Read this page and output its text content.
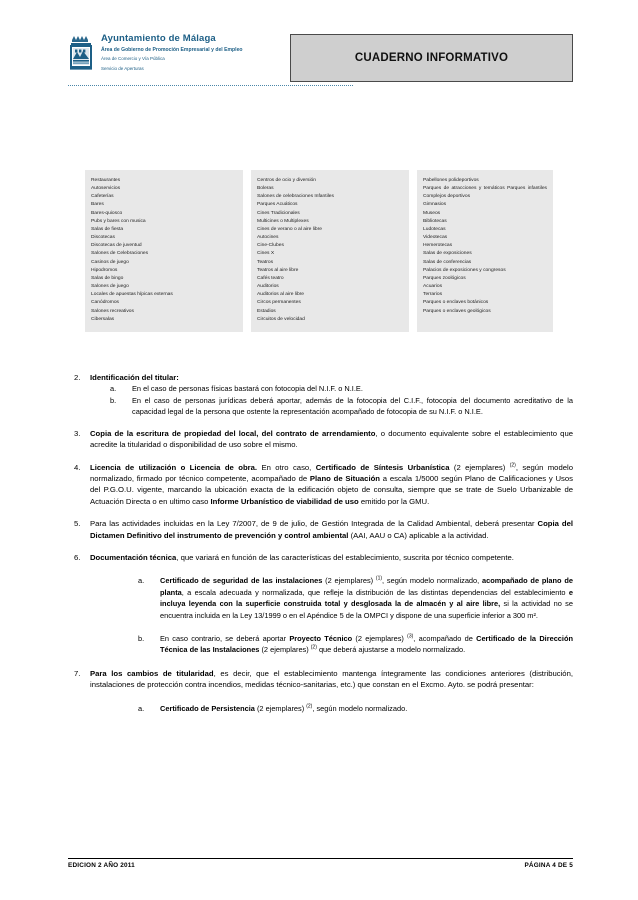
Ayuntamiento de Málaga
Área de Gobierno de Promoción Empresarial y del Empleo
Área de Comercio y Vía Pública
Servicio de Aperturas
CUADERNO INFORMATIVO
Restaurantes
Autoservicios
Cafeterías
Bares
Bares-quiosco
Pubs y bares con musica
Salas de fiesta
Discotecas
Discotecas de juventud
Salones de Celebraciones
Casinos de juego
Hipodromos
Salas de bingo
Salones de juego
Locales de apuestas hípicas externas
Canódromos
Salones recreativos
Cibersalas
Centros de ocio y diversión
Boleras
Salones de celebraciones Infantiles
Parques Acuáticos
Cines Tradicionales
Multicines o Multiplexes
Cines de verano o al aire libre
Autocines
Cine-Clubes
Cines X
Teatros
Teatros al aire libre
Cafés teatro
Auditorios
Auditorios al aire libre
Circos permanentes
Estadios
Circuitos de velocidad
Pabellones polideportivos
Parques de atracciones y temáticos Parques infantiles
Complejos deportivos
Gimnasios
Museos
Bibliotecas
Ludotecas
Videotecas
Hemerotecas
Salas de exposiciones
Salas de conferencias
Palacios de exposiciones y congresos
Parques zoológicos
Acuarios
Terrarios
Parques o enclaves botánicos
Parques o enclaves geológicos
2.	Identificación del titular:
a.	En el caso de personas físicas bastará con fotocopia del N.I.F. o N.I.E.
b.	En el caso de personas jurídicas deberá aportar, además de la fotocopia del C.I.F., fotocopia del documento acreditativo de la capacidad legal de la persona que ostente la representación acompañado de fotocopia de su N.I.F. o N.I.E.
3.	Copia de la escritura de propiedad del local, del contrato de arrendamiento, o documento equivalente sobre el establecimiento que acredite la titularidad o disponibilidad de uso sobre el mismo.
4.	Licencia de utilización o Licencia de obra. En otro caso, Certificado de Síntesis Urbanística (2 ejemplares) $^{(2)}$, según modelo normalizado, firmado por técnico competente, acompañado de Plano de Situación a escala 1/5000 según Plano de Calificaciones y Usos del P.G.O.U. vigente, marcando la ubicación exacta de la edificación objeto de consulta, siempre que se trate de Suelo Urbanizable de Actuación Directa o en ultimo caso Informe Urbanístico de viabilidad de uso emitido por la GMU.
5.	Para las actividades incluidas en la Ley 7/2007, de 9 de julio, de Gestión Integrada de la Calidad Ambiental, deberá presentar Copia del Dictamen Definitivo del instrumento de prevención y control ambiental (AAI, AAU o CA) aplicable a la actividad.
6.	Documentación técnica, que variará en función de las características del establecimiento, suscrita por técnico competente.
a.	Certificado de seguridad de las instalaciones (2 ejemplares) $^{(1)}$, según modelo normalizado, acompañado de plano de planta, a escala adecuada y normalizada, que refleje la distribución de las distintas dependencias del establecimiento e incluya leyenda con la superficie construida total y desglosada la de almacén y al aire libre, si la actividad no se encuentra incluida en la Ley 13/1999 o en el Apéndice 5 de la OMPCI y dispone de una superficie inferior a 300 m².
b.	En caso contrario, se deberá aportar Proyecto Técnico (2 ejemplares) $^{(3)}$, acompañado de Certificado de la Dirección Técnica de las Instalaciones (2 ejemplares) $^{(2)}$ que deberá ajustarse a modelo normalizado.
7.	Para los cambios de titularidad, es decir, que el establecimiento mantenga íntegramente las condiciones anteriores (distribución, instalaciones de protección contra incendios, medidas técnico-sanitarias, etc.) que constan en el Excmo. Ayto. se podrá presentar:
a.	Certificado de Persistencia (2 ejemplares) $^{(2)}$, según modelo normalizado.
EDICION 2 AÑO 2011	PÁGINA 4 DE 5
